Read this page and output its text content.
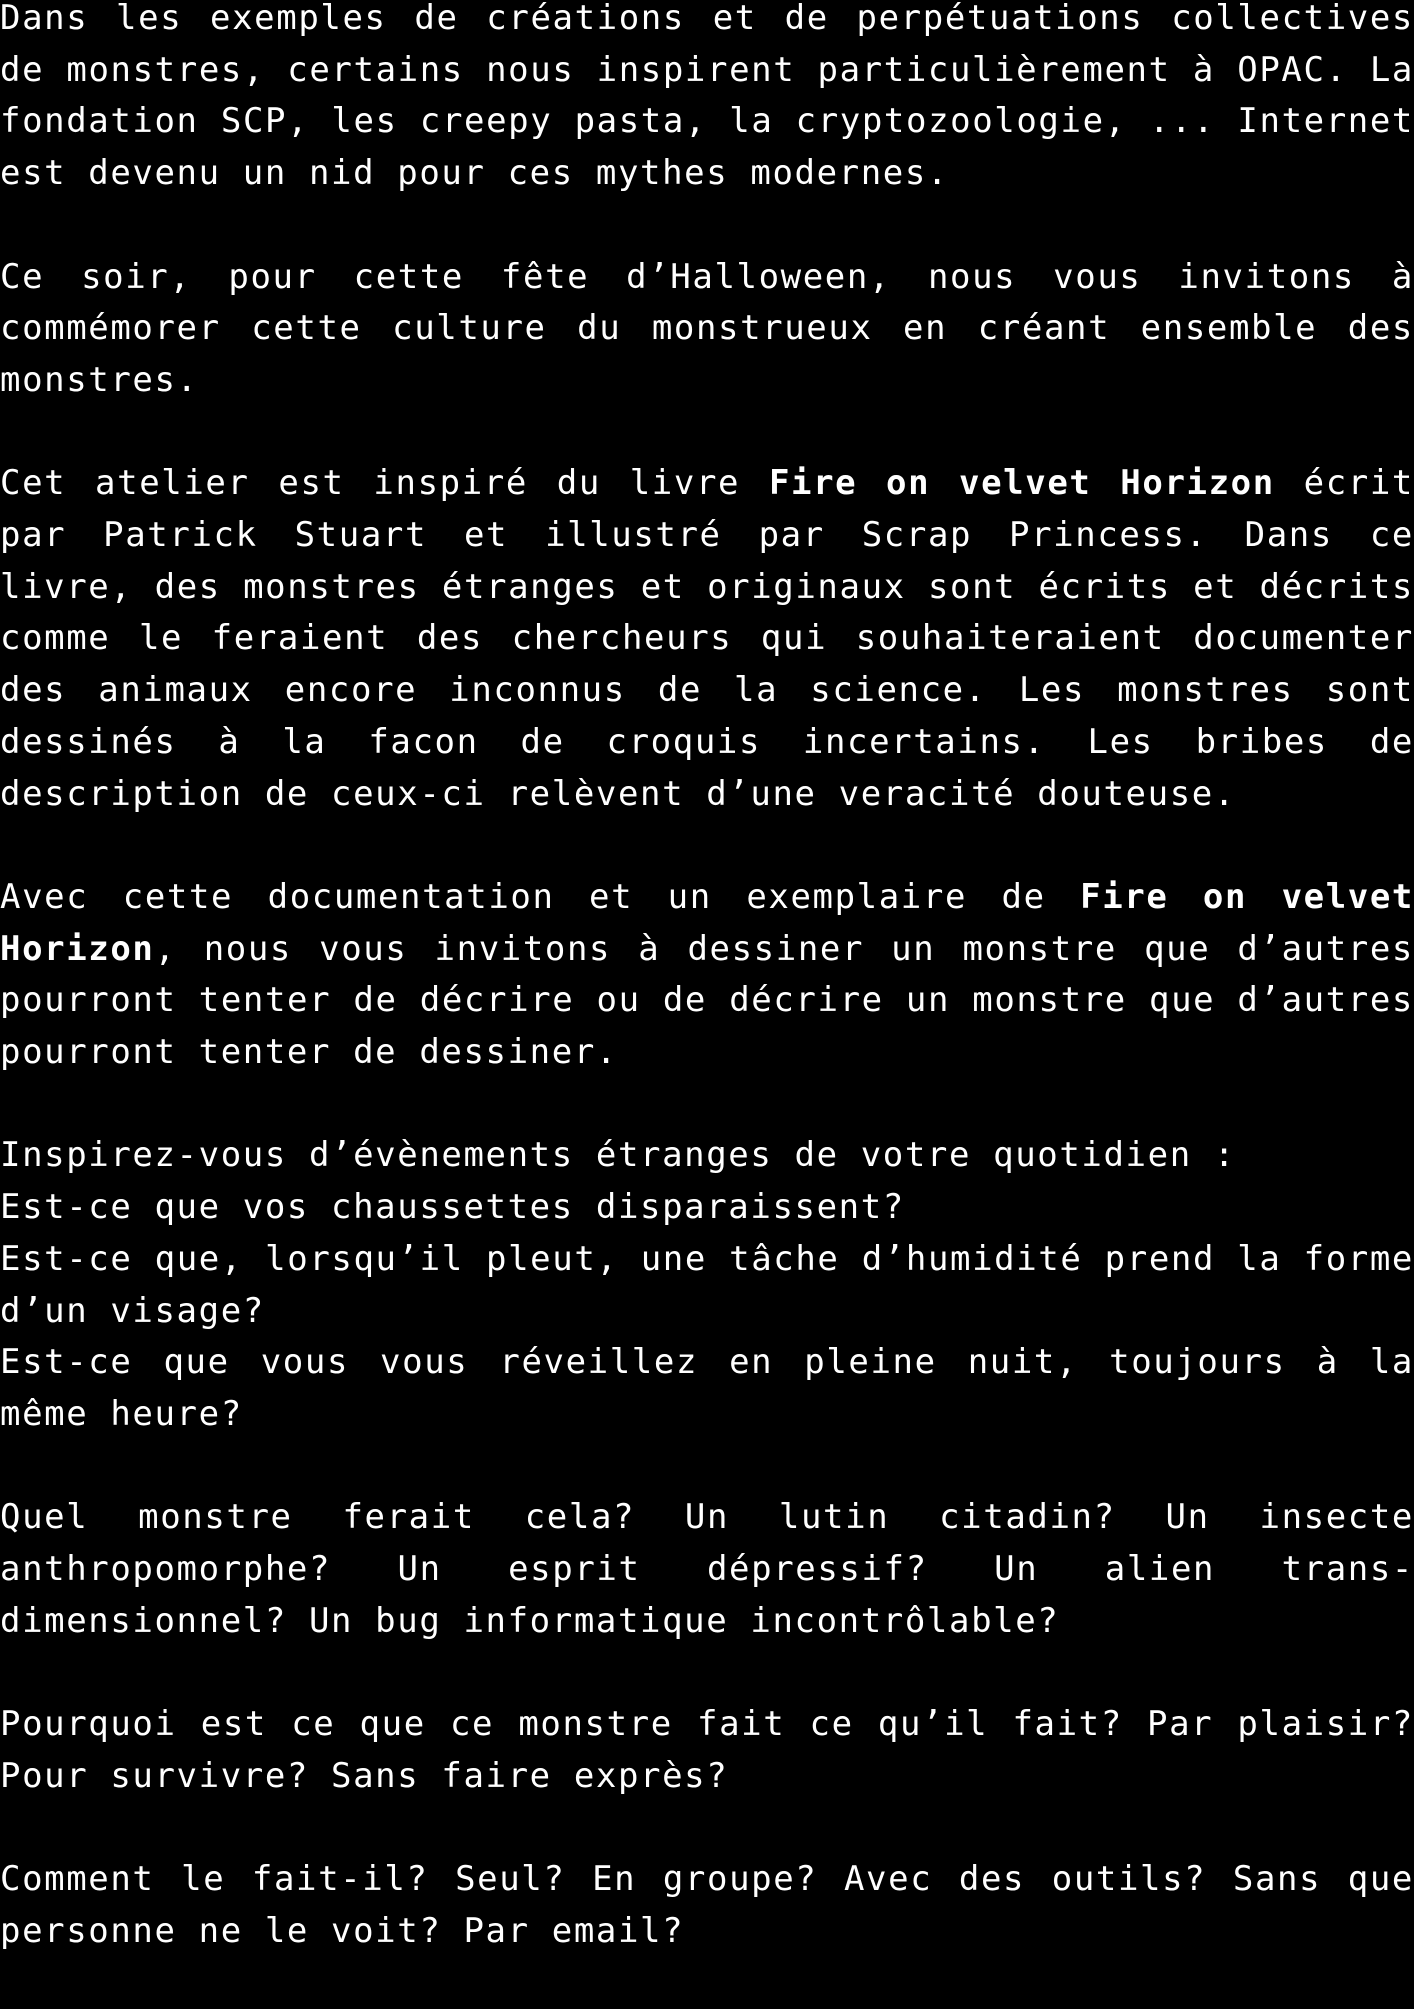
Dans les exemples de créations et de perpétuations collectives de monstres, certains nous inspirent particulièrement à OPAC. La fondation SCP, les creepy pasta, la cryptozoologie, ... Internet est devenu un nid pour ces mythes modernes.

Ce soir, pour cette fête d’Halloween, nous vous invitons à commémorer cette culture du monstrueux en créant ensemble des monstres.

Cet atelier est inspiré du livre Fire on velvet Horizon écrit par Patrick Stuart et illustré par Scrap Princess. Dans ce livre, des monstres étranges et originaux sont écrits et décrits comme le feraient des chercheurs qui souhaiteraient documenter des animaux encore inconnus de la science. Les monstres sont dessinés à la facon de croquis incertains. Les bribes de description de ceux-ci relèvent d’une veracité douteuse.

Avec cette documentation et un exemplaire de Fire on velvet Horizon, nous vous invitons à dessiner un monstre que d’autres pourront tenter de décrire ou de décrire un monstre que d’autres pourront tenter de dessiner.

Inspirez-vous d’évènements étranges de votre quotidien :
Est-ce que vos chaussettes disparaissent?
Est-ce que, lorsqu’il pleut, une tâche d’humidité prend la forme d’un visage?
Est-ce que vous vous réveillez en pleine nuit, toujours à la même heure?

Quel monstre ferait cela? Un lutin citadin? Un insecte anthropomorphe? Un esprit dépressif? Un alien trans-dimensionnel? Un bug informatique incontrôlable?

Pourquoi est ce que ce monstre fait ce qu’il fait? Par plaisir? Pour survivre? Sans faire exprès?

Comment le fait-il? Seul? En groupe? Avec des outils? Sans que personne ne le voit? Par email?
